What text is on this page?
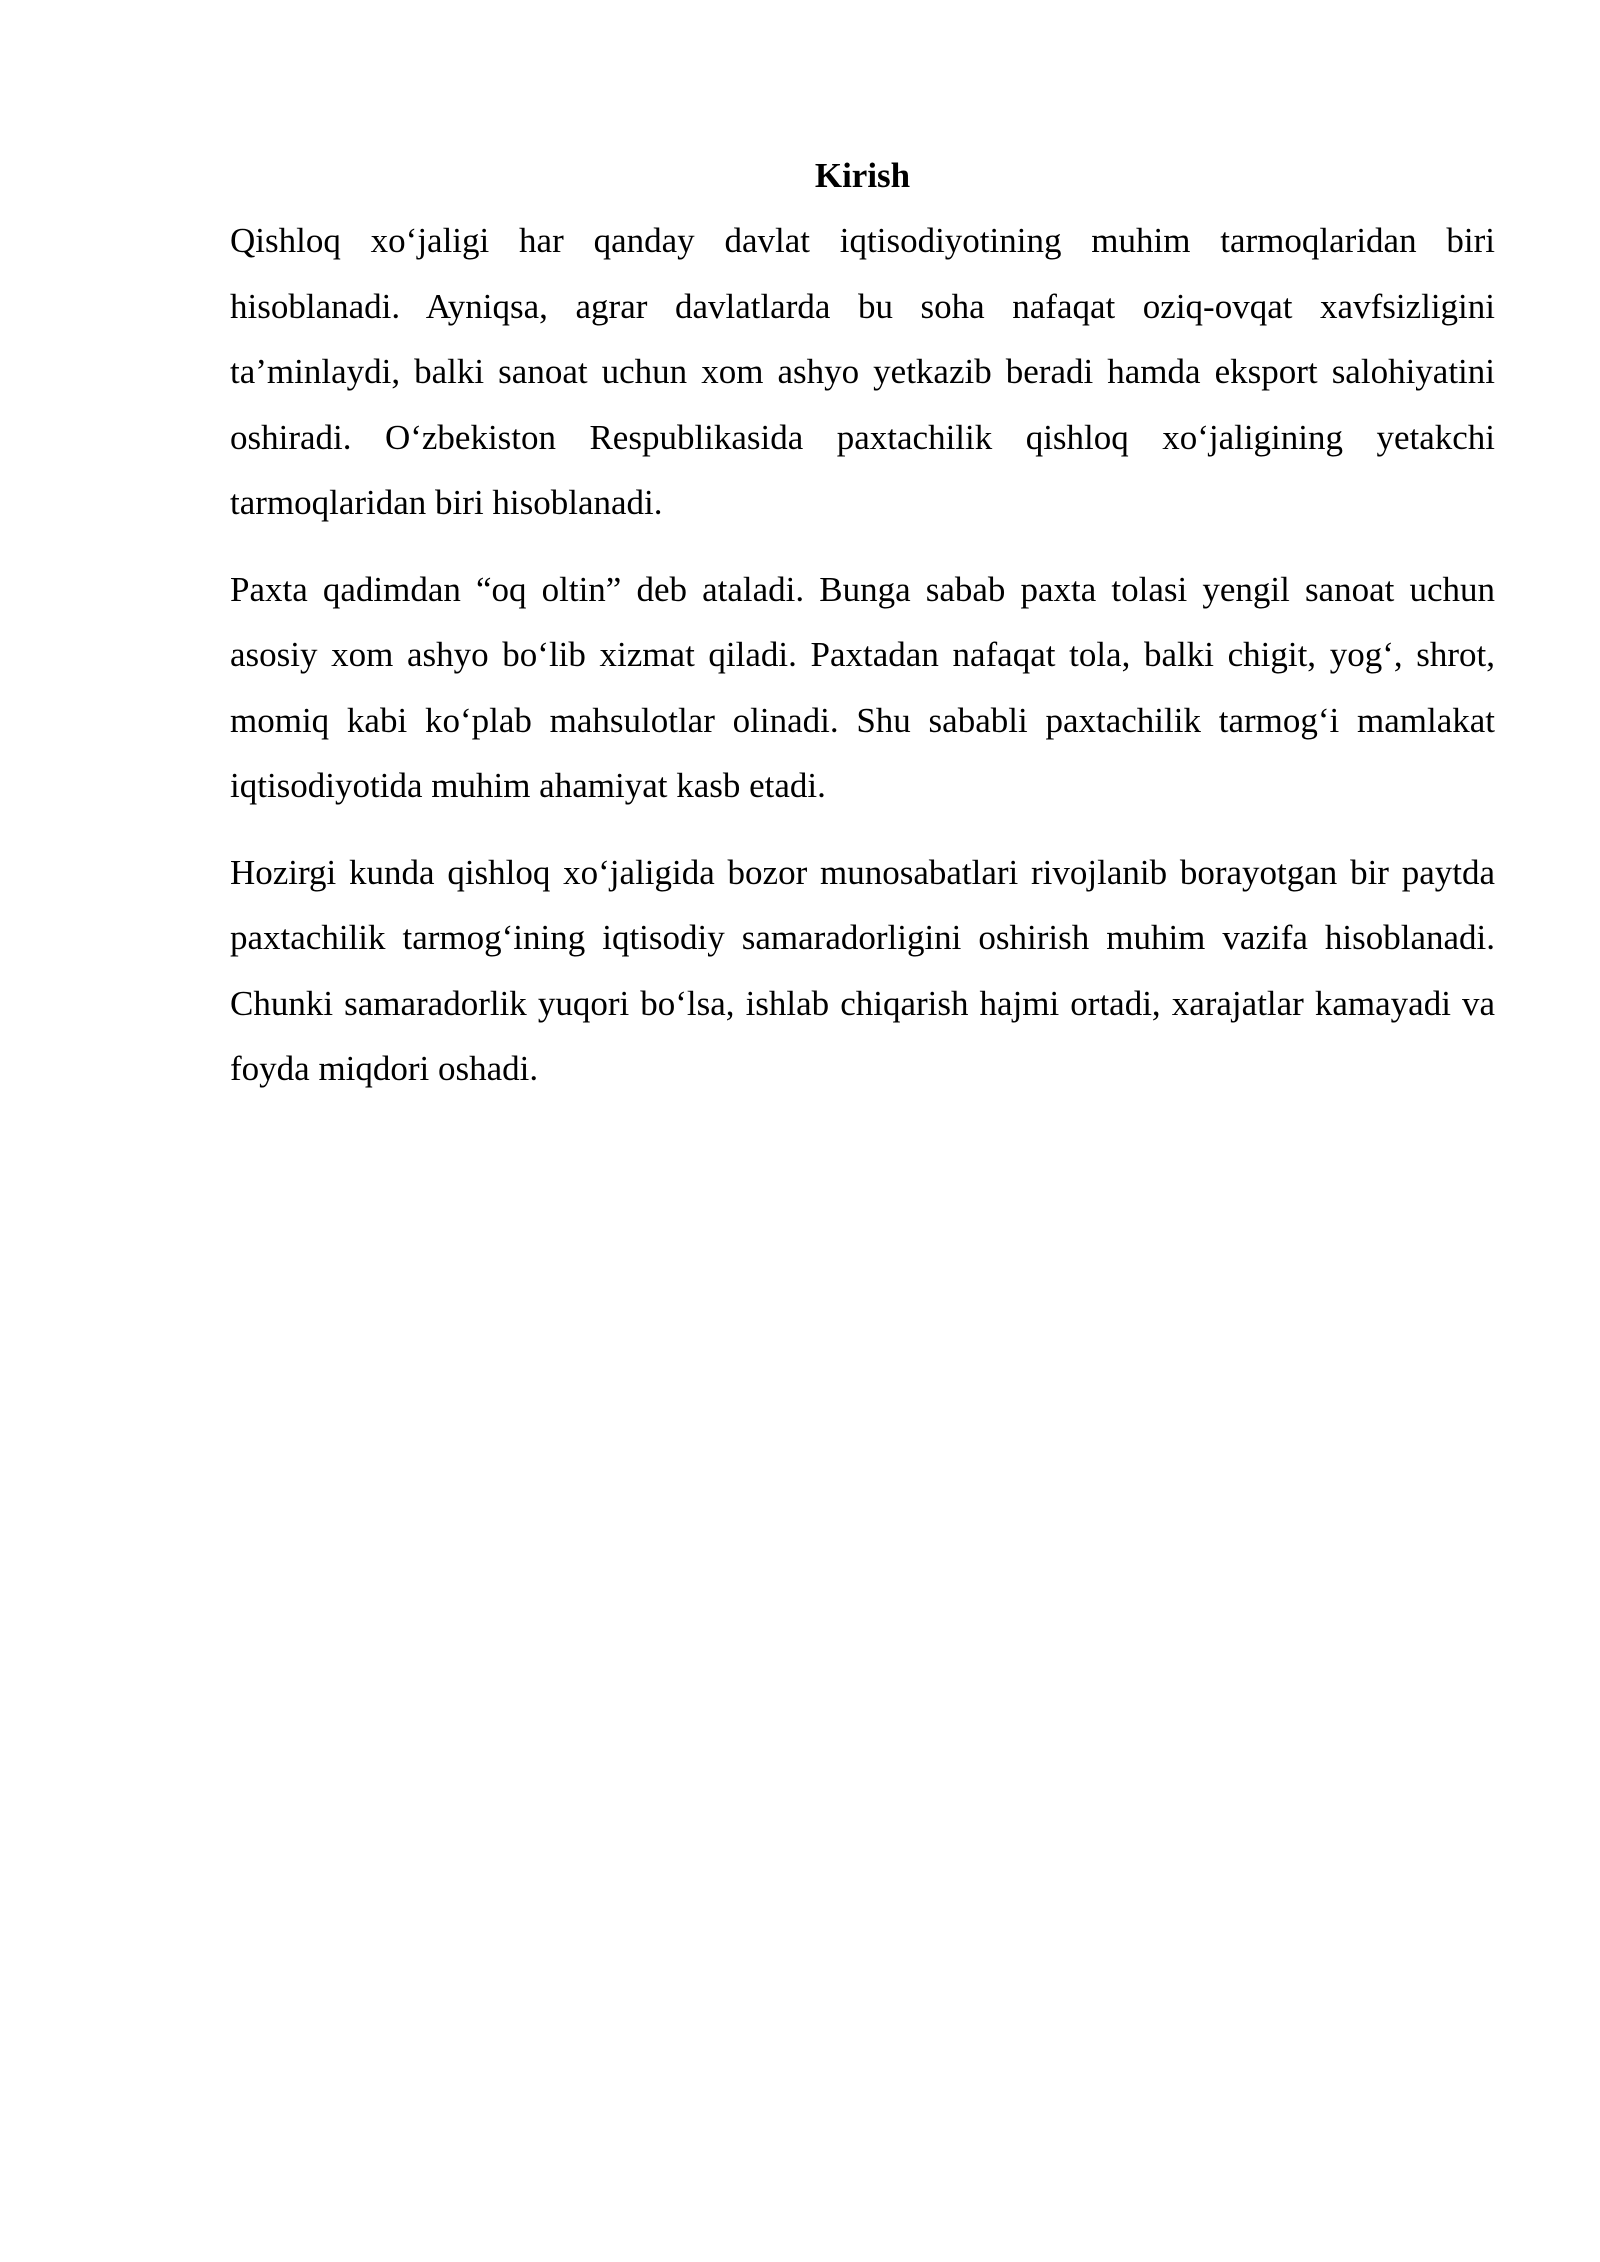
Kirish

Qishloq xo‘jaligi har qanday davlat iqtisodiyotining muhim tarmoqlaridan biri hisoblanadi. Ayniqsa, agrar davlatlarda bu soha nafaqat oziq-ovqat xavfsizligini ta’minlaydi, balki sanoat uchun xom ashyo yetkazib beradi hamda eksport salohiyatini oshiradi. O‘zbekiston Respublikasida paxtachilik qishloq xo‘jaligining yetakchi tarmoqlaridan biri hisoblanadi.

Paxta qadimdan “oq oltin” deb ataladi. Bunga sabab paxta tolasi yengil sanoat uchun asosiy xom ashyo bo‘lib xizmat qiladi. Paxtadan nafaqat tola, balki chigit, yog‘, shrot, momiq kabi ko‘plab mahsulotlar olinadi. Shu sababli paxtachilik tarmog‘i mamlakat iqtisodiyotida muhim ahamiyat kasb etadi.

Hozirgi kunda qishloq xo‘jaligida bozor munosabatlari rivojlanib borayotgan bir paytda paxtachilik tarmog‘ining iqtisodiy samaradorligini oshirish muhim vazifa hisoblanadi. Chunki samaradorlik yuqori bo‘lsa, ishlab chiqarish hajmi ortadi, xarajatlar kamayadi va foyda miqdori oshadi.
